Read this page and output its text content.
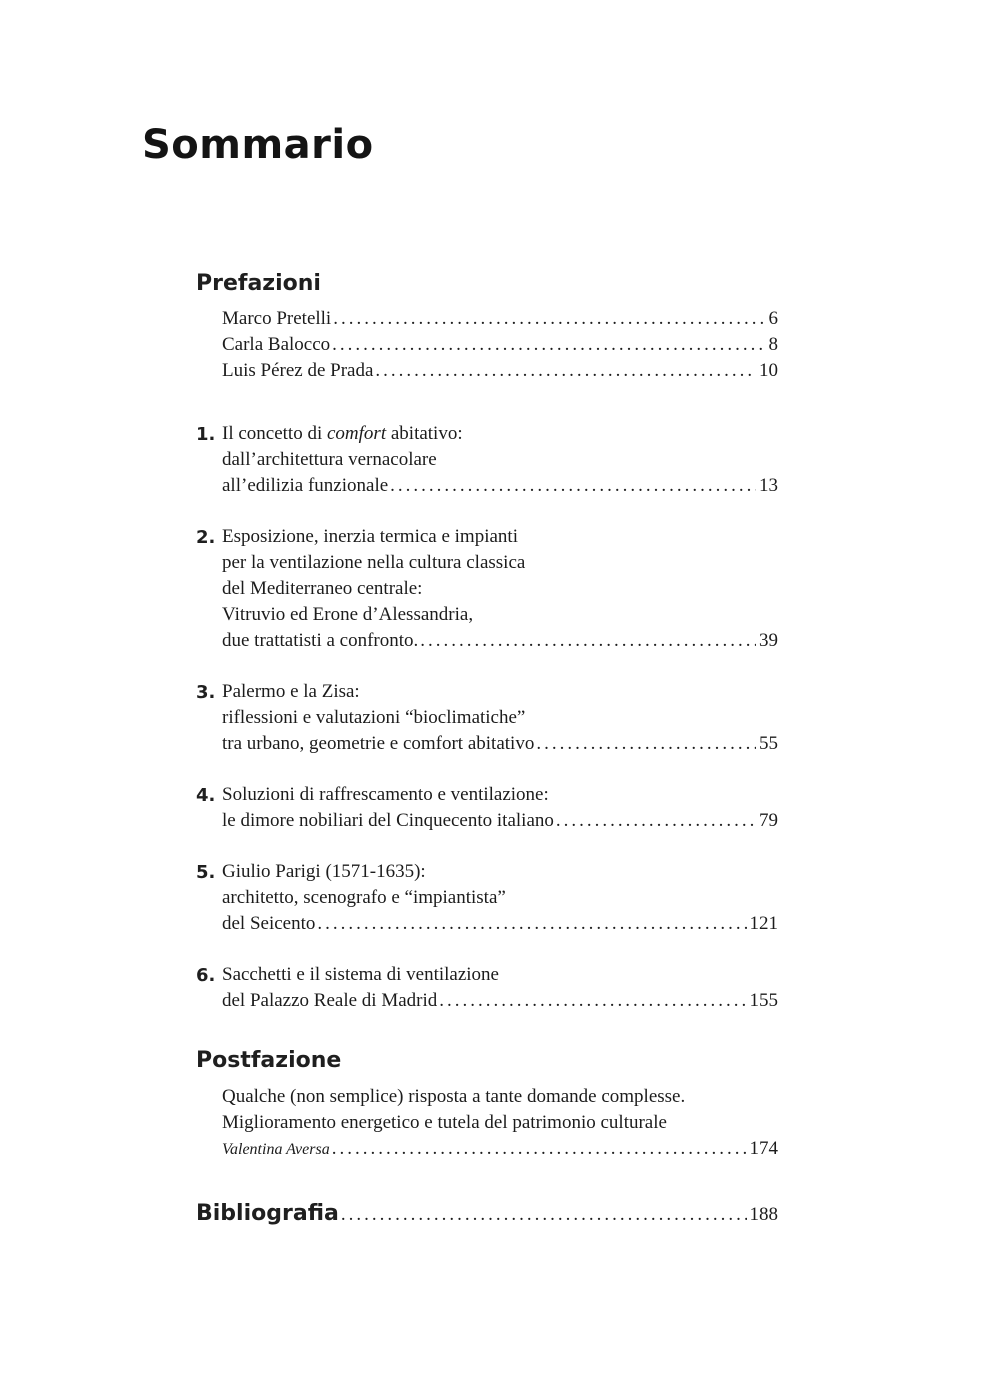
Sommario
Prefazioni
Marco Pretelli .....	6
Carla Balocco .....	8
Luis Pérez de Prada .....	10
1. Il concetto di comfort abitativo:
dall’architettura vernacolare
all’edilizia funzionale .....	13
2. Esposizione, inerzia termica e impianti
per la ventilazione nella cultura classica
del Mediterraneo centrale:
Vitruvio ed Erone d’Alessandria,
due trattatisti a confronto. .....	39
3. Palermo e la Zisa:
riflessioni e valutazioni “bioclimatiche”
tra urbano, geometrie e comfort abitativo .....	55
4. Soluzioni di raffrescamento e ventilazione:
le dimore nobiliari del Cinquecento italiano .....	79
5. Giulio Parigi (1571-1635):
architetto, scenografo e “impiantista”
del Seicento .....	121
6. Sacchetti e il sistema di ventilazione
del Palazzo Reale di Madrid .....	155
Postfazione
Qualche (non semplice) risposta a tante domande complesse.
Miglioramento energetico e tutela del patrimonio culturale
Valentina Aversa .....	174
Bibliografia .....	188
